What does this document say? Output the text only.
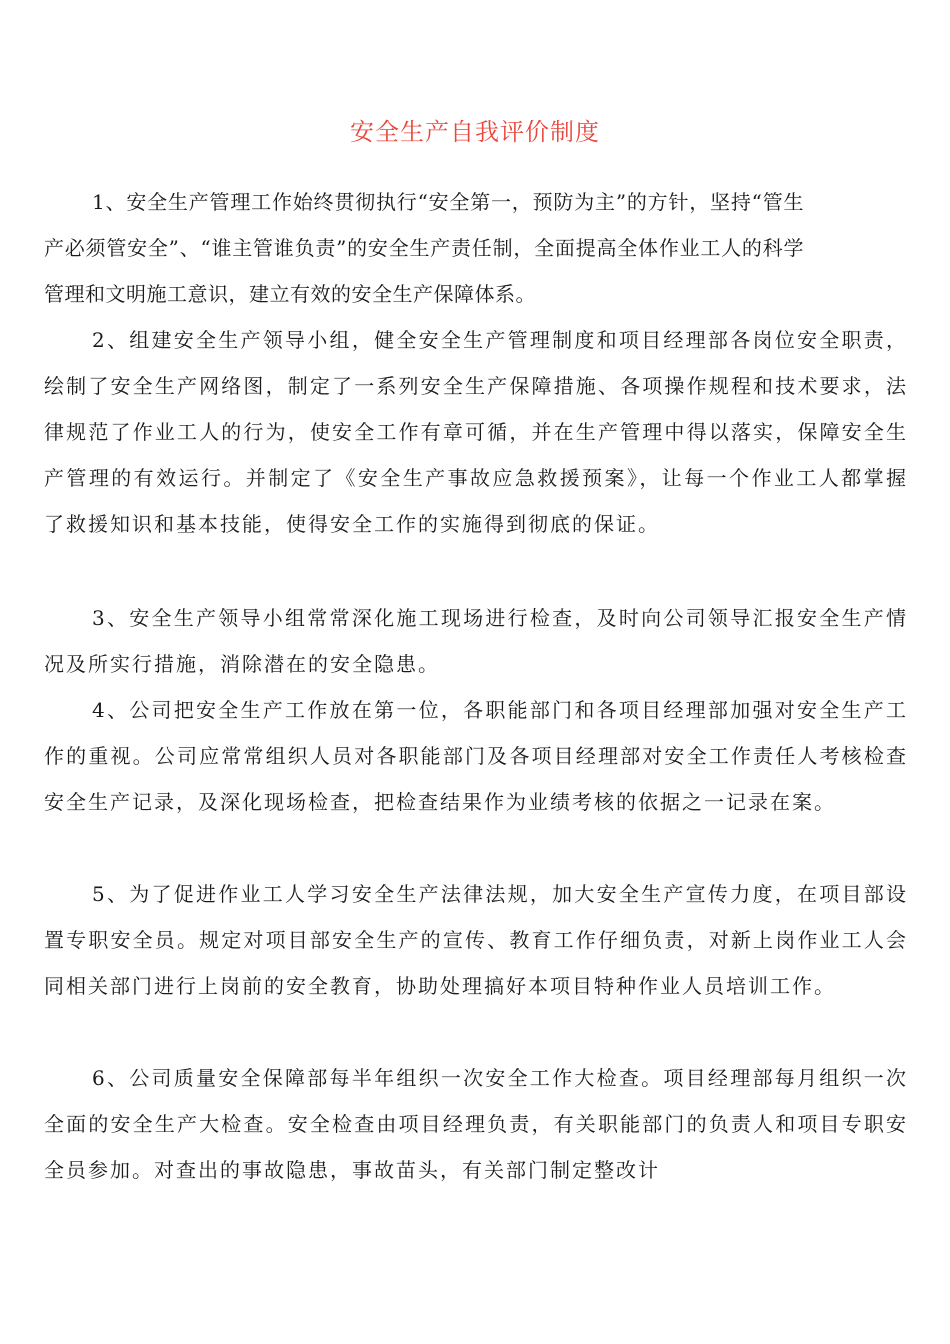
安全生产自我评价制度

1、安全生产管理工作始终贯彻执行“安全第一，预防为主”的方针，坚持“管生产必须管安全”、“谁主管谁负责”的安全生产责任制，全面提高全体作业工人的科学管理和文明施工意识，建立有效的安全生产保障体系。

2、组建安全生产领导小组，健全安全生产管理制度和项目经理部各岗位安全职责，绘制了安全生产网络图，制定了一系列安全生产保障措施、各项操作规程和技术要求，法律规范了作业工人的行为，使安全工作有章可循，并在生产管理中得以落实，保障安全生产管理的有效运行。并制定了《安全生产事故应急救援预案》，让每一个作业工人都掌握了救援知识和基本技能，使得安全工作的实施得到彻底的保证。

3、安全生产领导小组常常深化施工现场进行检查，及时向公司领导汇报安全生产情况及所实行措施，消除潜在的安全隐患。

4、公司把安全生产工作放在第一位，各职能部门和各项目经理部加强对安全生产工作的重视。公司应常常组织人员对各职能部门及各项目经理部对安全工作责任人考核检查安全生产记录，及深化现场检查，把检查结果作为业绩考核的依据之一记录在案。

5、为了促进作业工人学习安全生产法律法规，加大安全生产宣传力度，在项目部设置专职安全员。规定对项目部安全生产的宣传、教育工作仔细负责，对新上岗作业工人会同相关部门进行上岗前的安全教育，协助处理搞好本项目特种作业人员培训工作。

6、公司质量安全保障部每半年组织一次安全工作大检查。项目经理部每月组织一次全面的安全生产大检查。安全检查由项目经理负责，有关职能部门的负责人和项目专职安全员参加。对查出的事故隐患，事故苗头，有关部门制定整改计
